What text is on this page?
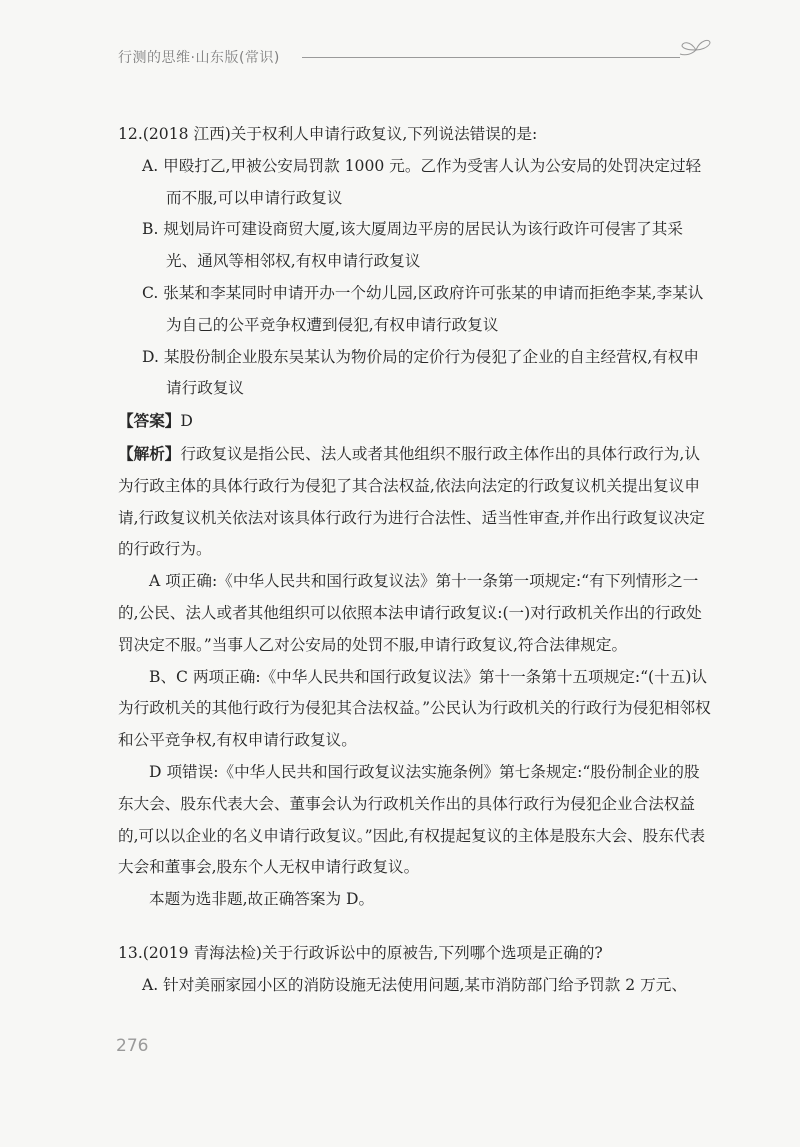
行测的思维·山东版(常识)

12.(2018 江西)关于权利人申请行政复议,下列说法错误的是:

A. 甲殴打乙,甲被公安局罚款 1000 元。乙作为受害人认为公安局的处罚决定过轻而不服,可以申请行政复议

B. 规划局许可建设商贸大厦,该大厦周边平房的居民认为该行政许可侵害了其采光、通风等相邻权,有权申请行政复议

C. 张某和李某同时申请开办一个幼儿园,区政府许可张某的申请而拒绝李某,李某认为自己的公平竞争权遭到侵犯,有权申请行政复议

D. 某股份制企业股东吴某认为物价局的定价行为侵犯了企业的自主经营权,有权申请行政复议

【答案】D

【解析】行政复议是指公民、法人或者其他组织不服行政主体作出的具体行政行为,认为行政主体的具体行政行为侵犯了其合法权益,依法向法定的行政复议机关提出复议申请,行政复议机关依法对该具体行政行为进行合法性、适当性审查,并作出行政复议决定的行政行为。

A 项正确:《中华人民共和国行政复议法》第十一条第一项规定:“有下列情形之一的,公民、法人或者其他组织可以依照本法申请行政复议:(一)对行政机关作出的行政处罚决定不服。”当事人乙对公安局的处罚不服,申请行政复议,符合法律规定。

B、C 两项正确:《中华人民共和国行政复议法》第十一条第十五项规定:“(十五)认为行政机关的其他行政行为侵犯其合法权益。”公民认为行政机关的行政行为侵犯相邻权和公平竞争权,有权申请行政复议。

D 项错误:《中华人民共和国行政复议法实施条例》第七条规定:“股份制企业的股东大会、股东代表大会、董事会认为行政机关作出的具体行政行为侵犯企业合法权益的,可以以企业的名义申请行政复议。”因此,有权提起复议的主体是股东大会、股东代表大会和董事会,股东个人无权申请行政复议。

本题为选非题,故正确答案为 D。

13.(2019 青海法检)关于行政诉讼中的原被告,下列哪个选项是正确的?

A. 针对美丽家园小区的消防设施无法使用问题,某市消防部门给予罚款 2 万元、

276
